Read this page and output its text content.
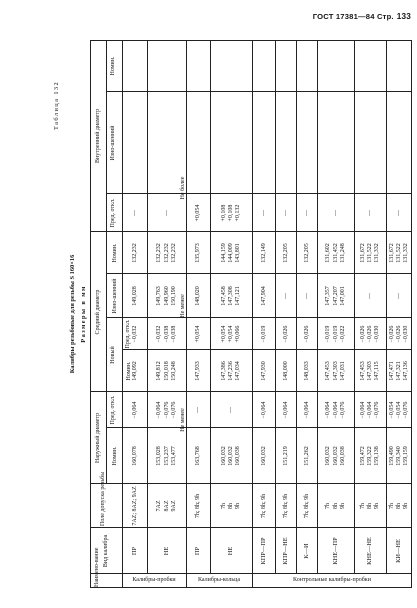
ГОСТ 17381—84 Стр. 133
Таблица 132
Калибры резьбовые для резьбы S 160×16 Размеры в мм
Наимено-вание Вид калибра
Поле допуска резьбы
Наружный диаметр
Средний диаметр
Внутренний диаметр
Номин.
Пред. откл.
Новый
Номин.
Пред. откл.
Изно-шенний
Номин.
Пред. откл.
Изно-шенний
Номин.
Калибры-пробки	Калибры-кольца	Контрольные калибры-пробки
Не менее
Не менее
Не более
ПР
7AZ; 8AZ; 9AZ
160,078
−0,064
149,092
−0,032
149,028
132,232
—
НЕ
7AZ 8AZ 9AZ
153,028 153,237 153,477
−0,064 −0,076 −0,076
149,812 150,018 150,248
−0,032 −0,038 −0,038
149,763 149,960 150,190
132,232 132,232 132,232
—
ПР
7h; 8h; 9h
163,768
—
147,933
+0,054
148,020
135,973
+0,054
НЕ
7h 8h 9h
160,032 160,032 160,038
—
147,386 147,236 147,034
+0,054 +0,054 +0,066
147,458 147,308 147,121
144,159 144,009 143,801
+0,108 +0,108 +0,132
КПР—ПР
7h; 8h; 9h
160,032
−0,064
147,930
−0,019
147,904
132,149
—
КПР—НЕ
7h; 8h; 9h
151,219
−0,064
148,000
−0,026
—
132,205
—
К—И
7h; 8h; 9h
151,262
−0,064
148,033
−0,026
—
132,205
—
КНЕ—ПР
7h 8h 9h
160,032 160,032 160,038
−0,064 −0,064 −0,076
147,453 147,303 147,031
−0,019 −0,019 −0,022
147,357 147,207 147,001
131,602 131,452 131,248
—
КНЕ—НЕ
7h 8h 9h
159,472 159,322 159,138
−0,064 −0,064 −0,076
147,453 147,303 147,115
−0,026 −0,026 −0,030
—
131,672 131,522 131,332
—
КИ—НЕ
7h 8h 9h
159,490 159,340 159,159
−0,054 −0,054 −0,076
147,471 147,321 147,136
−0,026 −0,026 −0,030
—
131,672 131,522 131,332
—
